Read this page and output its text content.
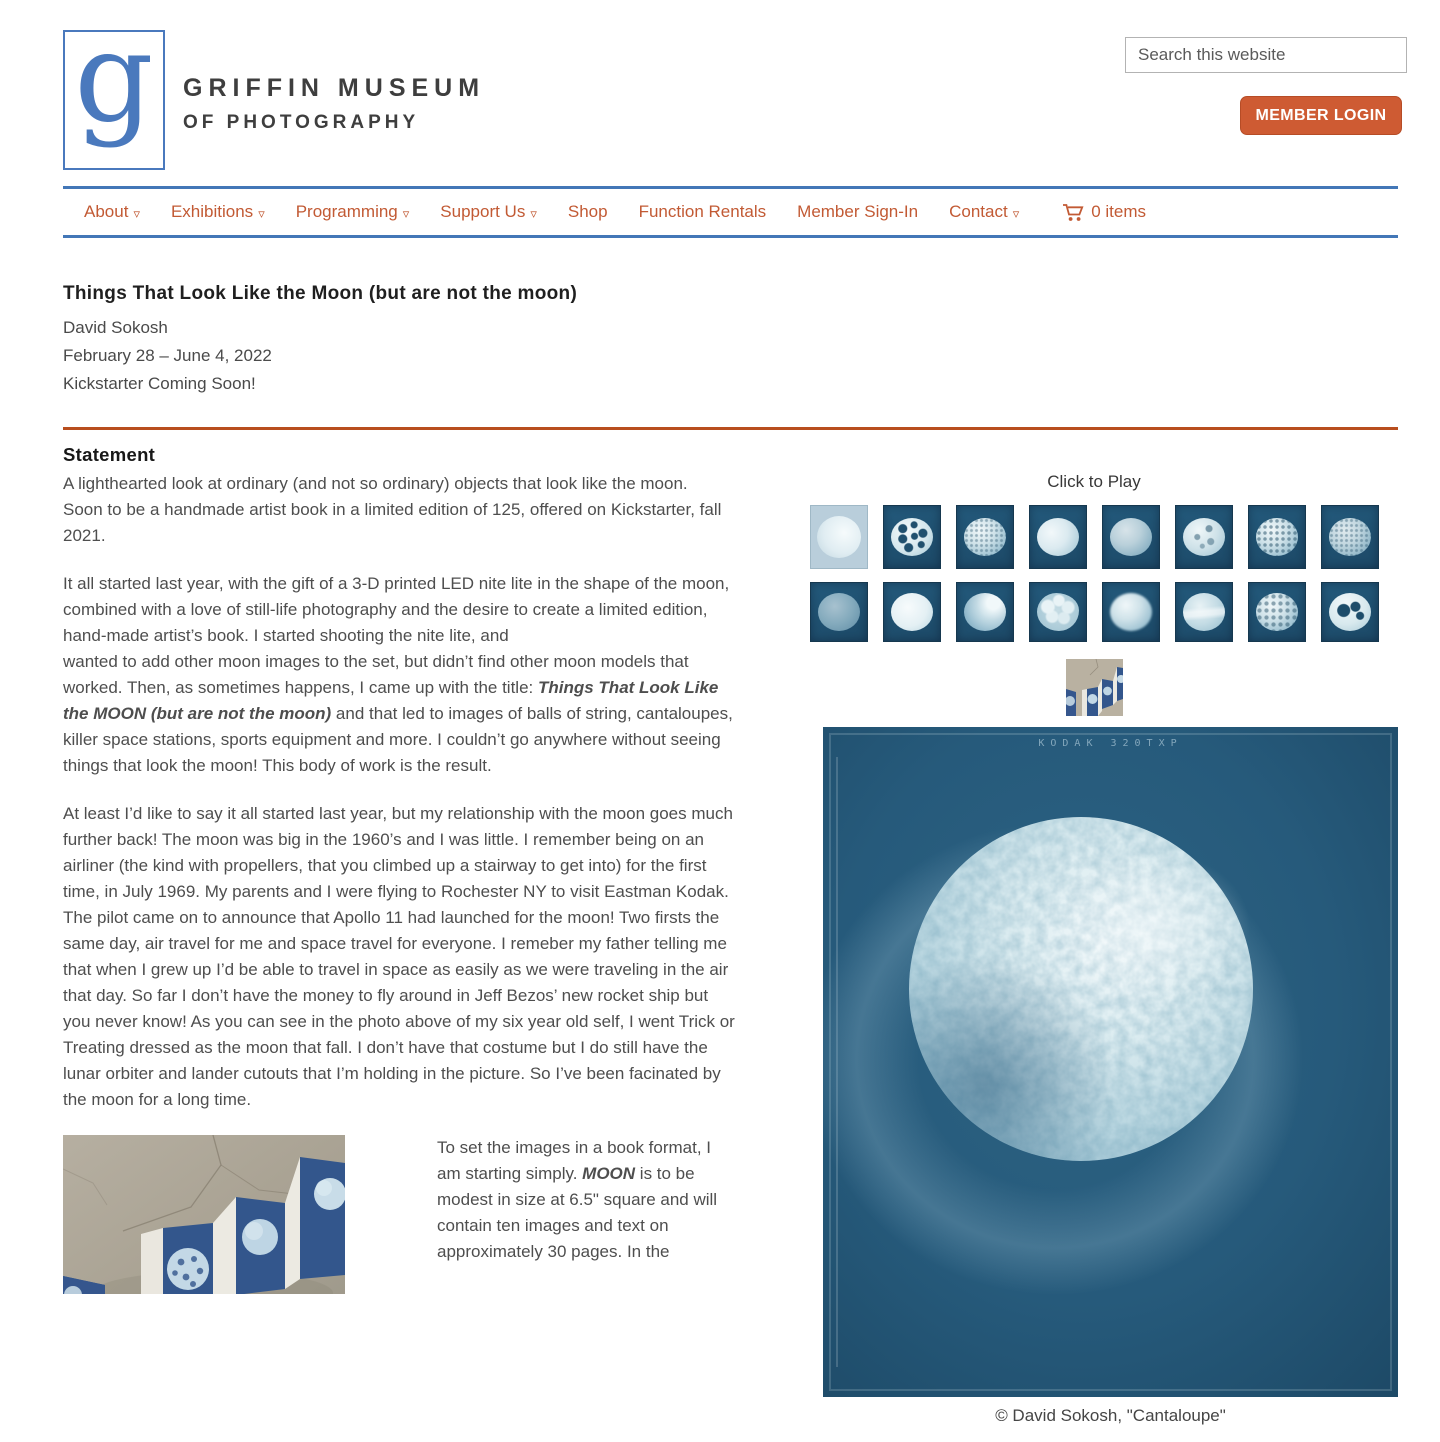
g GRIFFIN MUSEUM
OF PHOTOGRAPHY
Search this website	MEMBER LOGIN
About ▿ Exhibitions ▿ Programming ▿ Support Us ▿ Shop Function Rentals Member Sign-In Contact ▿	0 items
Things That Look Like the Moon (but are not the moon)
David Sokosh
February 28 – June 4, 2022
Kickstarter Coming Soon!
Statement

A lighthearted look at ordinary (and not so ordinary) objects that look like the moon.
Soon to be a handmade artist book in a limited edition of 125, offered on Kickstarter, fall 2021.

It all started last year, with the gift of a 3-D printed LED nite lite in the shape of the moon, combined with a love of still-life photography and the desire to create a limited edition, hand-made artist’s book. I started shooting the nite lite, and
wanted to add other moon images to the set, but didn’t find other moon models that worked. Then, as sometimes happens, I came up with the title: Things That Look Like the MOON (but are not the moon) and that led to images of balls of string, cantaloupes, killer space stations, sports equipment and more. I couldn’t go anywhere without seeing things that look the moon! This body of work is the result.

At least I’d like to say it all started last year, but my relationship with the moon goes much further back! The moon was big in the 1960’s and I was little. I remember being on an airliner (the kind with propellers, that you climbed up a stairway to get into) for the first time, in July 1969. My parents and I were flying to Rochester NY to visit Eastman Kodak. The pilot came on to announce that Apollo 11 had launched for the moon! Two firsts the same day, air travel for me and space travel for everyone. I remeber my father telling me that when I grew up I’d be able to travel in space as easily as we were traveling in the air that day. So far I don’t have the money to fly around in Jeff Bezos’ new rocket ship but you never know! As you can see in the photo above of my six year old self, I went Trick or Treating dressed as the moon that fall. I don’t have that costume but I do still have the lunar orbiter and lander cutouts that I’m holding in the picture. So I’ve been facinated by the moon for a long time.

To set the images in a book format, I am starting simply. MOON is to be modest in size at 6.5" square and will contain ten images and text on approximately 30 pages. In the

Click to Play
KODAK 320TXP
© David Sokosh, "Cantaloupe"
